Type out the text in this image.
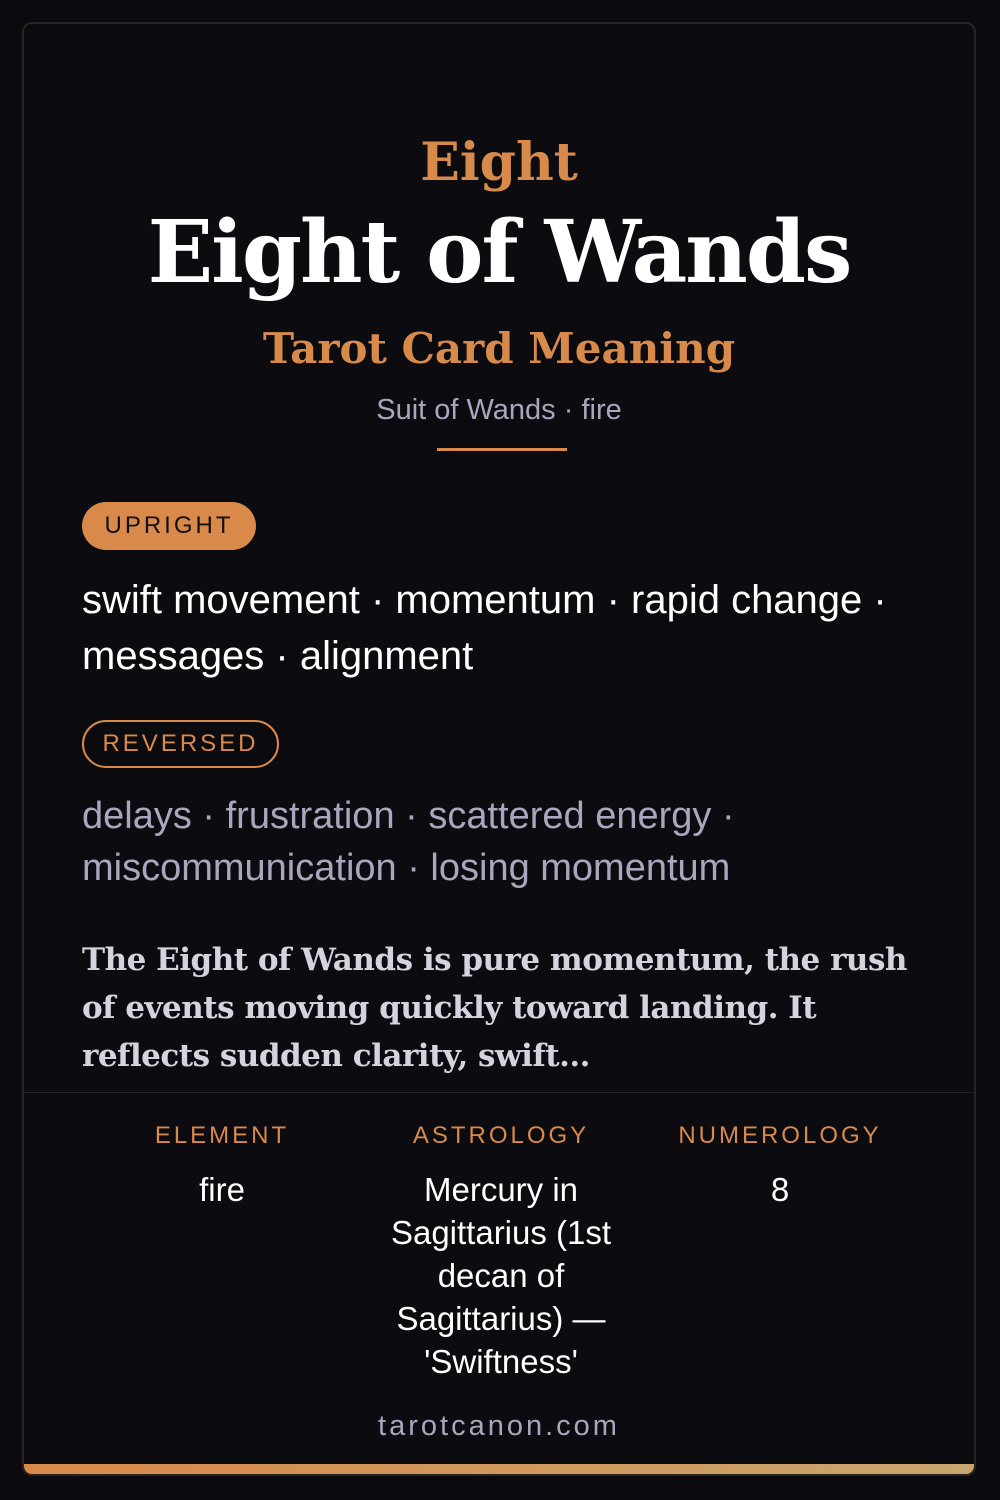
Eight
Eight of Wands
Tarot Card Meaning
Suit of Wands · fire
UPRIGHT
swift movement · momentum · rapid change · messages · alignment
REVERSED
delays · frustration · scattered energy · miscommunication · losing momentum
The Eight of Wands is pure momentum, the rush of events moving quickly toward landing. It reflects sudden clarity, swift...
ELEMENT
fire
ASTROLOGY
Mercury in Sagittarius (1st decan of Sagittarius) — 'Swiftness'
NUMEROLOGY
8
tarotcanon.com
